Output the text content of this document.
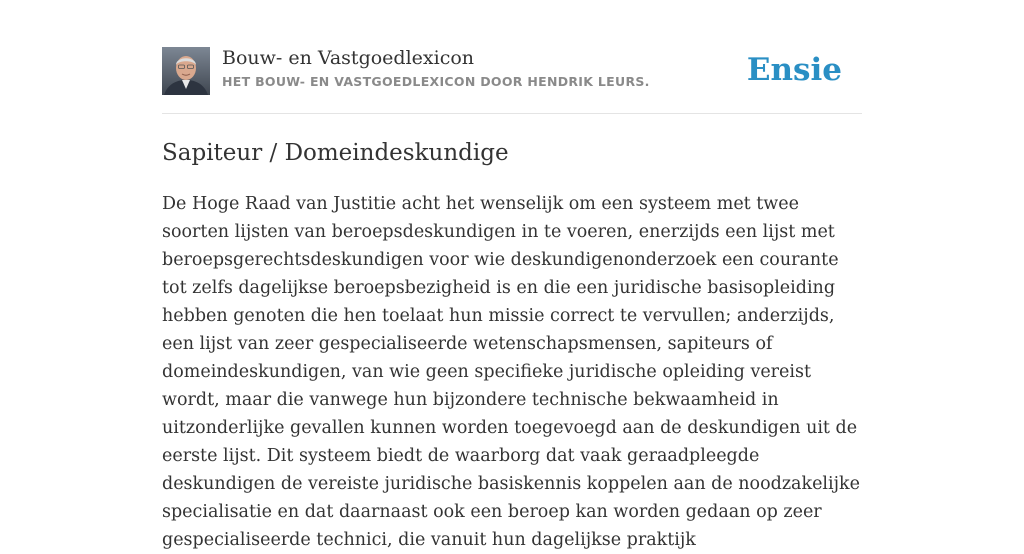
Bouw- en Vastgoedlexicon
HET BOUW- EN VASTGOEDLEXICON DOOR HENDRIK LEURS.	Ensie
Sapiteur / Domeindeskundige

De Hoge Raad van Justitie acht het wenselijk om een systeem met twee soorten lijsten van beroepsdeskundigen in te voeren, enerzijds een lijst met beroepsgerechtsdeskundigen voor wie deskundigenonderzoek een courante tot zelfs dagelijkse beroepsbezigheid is en die een juridische basisopleiding hebben genoten die hen toelaat hun missie correct te vervullen; anderzijds, een lijst van zeer gespecialiseerde wetenschapsmensen, sapiteurs of domeindeskundigen, van wie geen specifieke juridische opleiding vereist wordt, maar die vanwege hun bijzondere technische bekwaamheid in uitzonderlijke gevallen kunnen worden toegevoegd aan de deskundigen uit de eerste lijst. Dit systeem biedt de waarborg dat vaak geraadpleegde deskundigen de vereiste juridische basiskennis koppelen aan de noodzakelijke specialisatie en dat daarnaast ook een beroep kan worden gedaan op zeer gespecialiseerde technici, die vanuit hun dagelijkse praktijk
